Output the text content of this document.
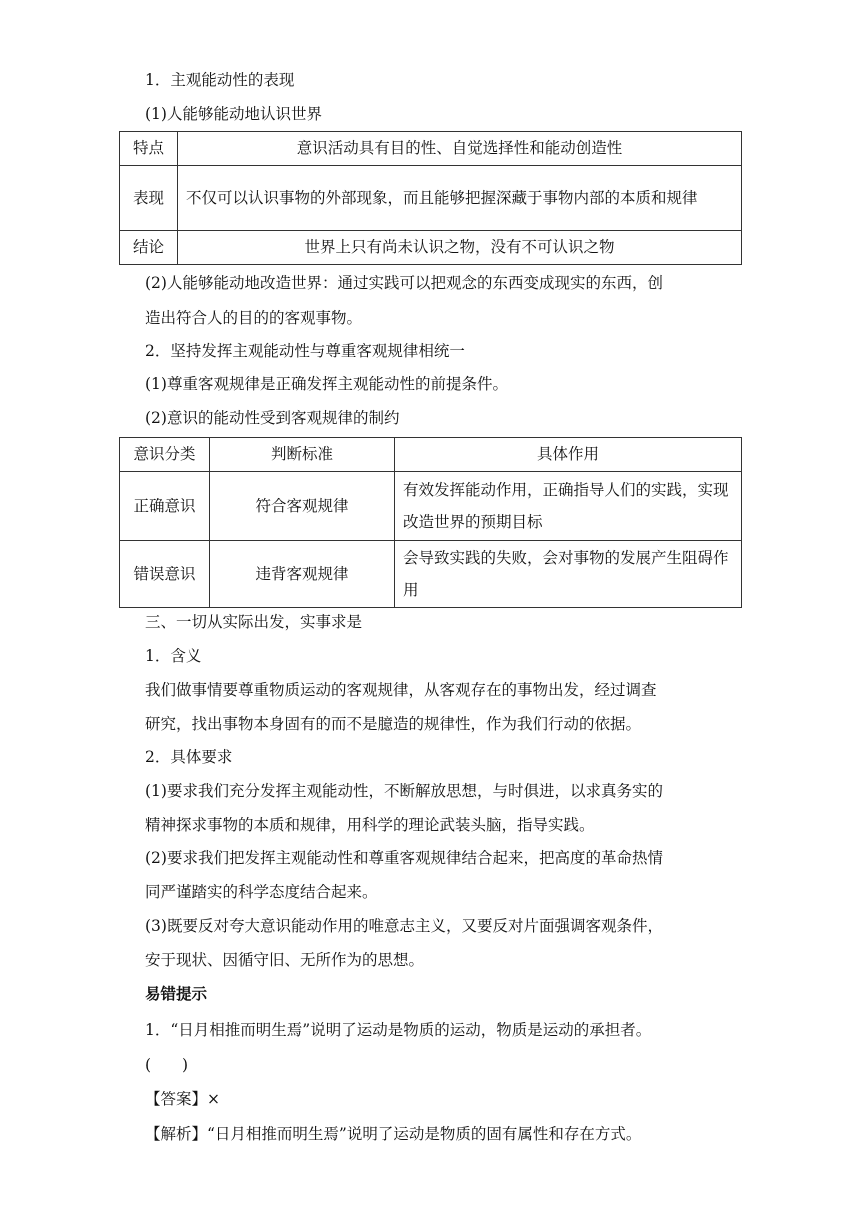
1．主观能动性的表现
(1)人能够能动地认识世界
特点	意识活动具有目的性、自觉选择性和能动创造性
表现	不仅可以认识事物的外部现象，而且能够把握深藏于事物内部的本质和规律
结论	世界上只有尚未认识之物，没有不可认识之物
(2)人能够能动地改造世界：通过实践可以把观念的东西变成现实的东西，创
造出符合人的目的的客观事物。
2．坚持发挥主观能动性与尊重客观规律相统一
(1)尊重客观规律是正确发挥主观能动性的前提条件。
(2)意识的能动性受到客观规律的制约
意识分类	判断标准	具体作用
正确意识	符合客观规律	有效发挥能动作用，正确指导人们的实践，实现改造世界的预期目标
错误意识	违背客观规律	会导致实践的失败，会对事物的发展产生阻碍作用
三、一切从实际出发，实事求是
1．含义
我们做事情要尊重物质运动的客观规律，从客观存在的事物出发，经过调查
研究，找出事物本身固有的而不是臆造的规律性，作为我们行动的依据。
2．具体要求
(1)要求我们充分发挥主观能动性，不断解放思想，与时俱进，以求真务实的
精神探求事物的本质和规律，用科学的理论武装头脑，指导实践。
(2)要求我们把发挥主观能动性和尊重客观规律结合起来，把高度的革命热情
同严谨踏实的科学态度结合起来。
(3)既要反对夸大意识能动作用的唯意志主义，又要反对片面强调客观条件，
安于现状、因循守旧、无所作为的思想。
易错提示
1．“日月相推而明生焉”说明了运动是物质的运动，物质是运动的承担者。
(　　)
【答案】×
【解析】“日月相推而明生焉”说明了运动是物质的固有属性和存在方式。
